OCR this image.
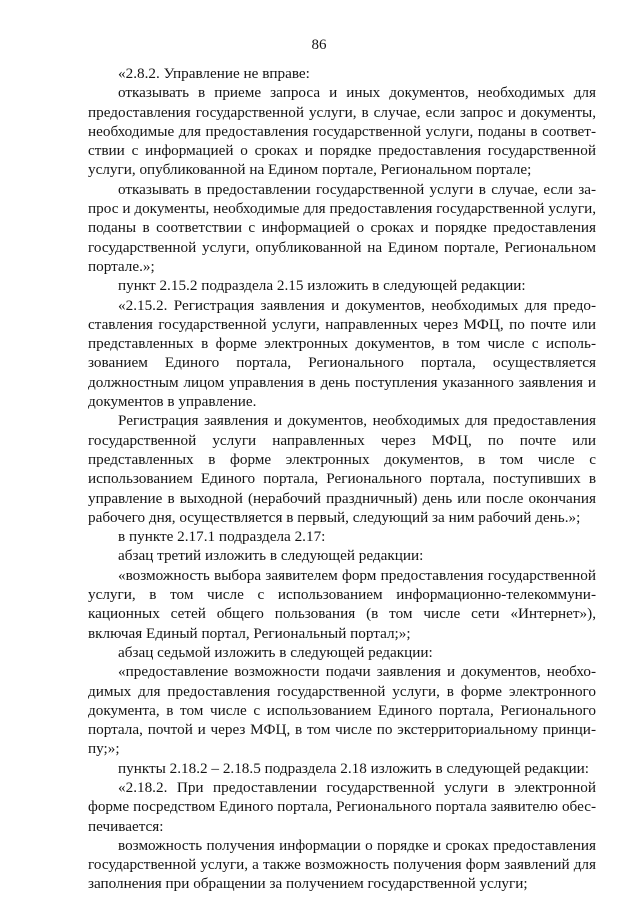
86

«2.8.2. Управление не вправе:

отказывать в приеме запроса и иных документов, необходимых для предоставления государственной услуги, в случае, если запрос и документы, необходимые для предоставления государственной услуги, поданы в соответствии с информацией о сроках и порядке предоставления государственной услуги, опубликованной на Едином портале, Региональном портале;

отказывать в предоставлении государственной услуги в случае, если запрос и документы, необходимые для предоставления государственной услуги, поданы в соответствии с информацией о сроках и порядке предоставления государственной услуги, опубликованной на Едином портале, Региональном портале.»;

пункт 2.15.2 подраздела 2.15 изложить в следующей редакции:

«2.15.2. Регистрация заявления и документов, необходимых для предоставления государственной услуги, направленных через МФЦ, по почте или представленных в форме электронных документов, в том числе с использованием Единого портала, Регионального портала, осуществляется должностным лицом управления в день поступления указанного заявления и документов в управление.

Регистрация заявления и документов, необходимых для предоставления государственной услуги направленных через МФЦ, по почте или представленных в форме электронных документов, в том числе с использованием Единого портала, Регионального портала, поступивших в управление в выходной (нерабочий праздничный) день или после окончания рабочего дня, осуществляется в первый, следующий за ним рабочий день.»;

в пункте 2.17.1 подраздела 2.17:

абзац третий изложить в следующей редакции:

«возможность выбора заявителем форм предоставления государственной услуги, в том числе с использованием информационно-телекоммуникационных сетей общего пользования (в том числе сети «Интернет»), включая Единый портал, Региональный портал;»;

абзац седьмой изложить в следующей редакции:

«предоставление возможности подачи заявления и документов, необходимых для предоставления государственной услуги, в форме электронного документа, в том числе с использованием Единого портала, Регионального портала, почтой и через МФЦ, в том числе по экстерриториальному принципу;»;

пункты 2.18.2 – 2.18.5 подраздела 2.18 изложить в следующей редакции:

«2.18.2. При предоставлении государственной услуги в электронной форме посредством Единого портала, Регионального портала заявителю обеспечивается:

возможность получения информации о порядке и сроках предоставления государственной услуги, а также возможность получения форм заявлений для заполнения при обращении за получением государственной услуги;
